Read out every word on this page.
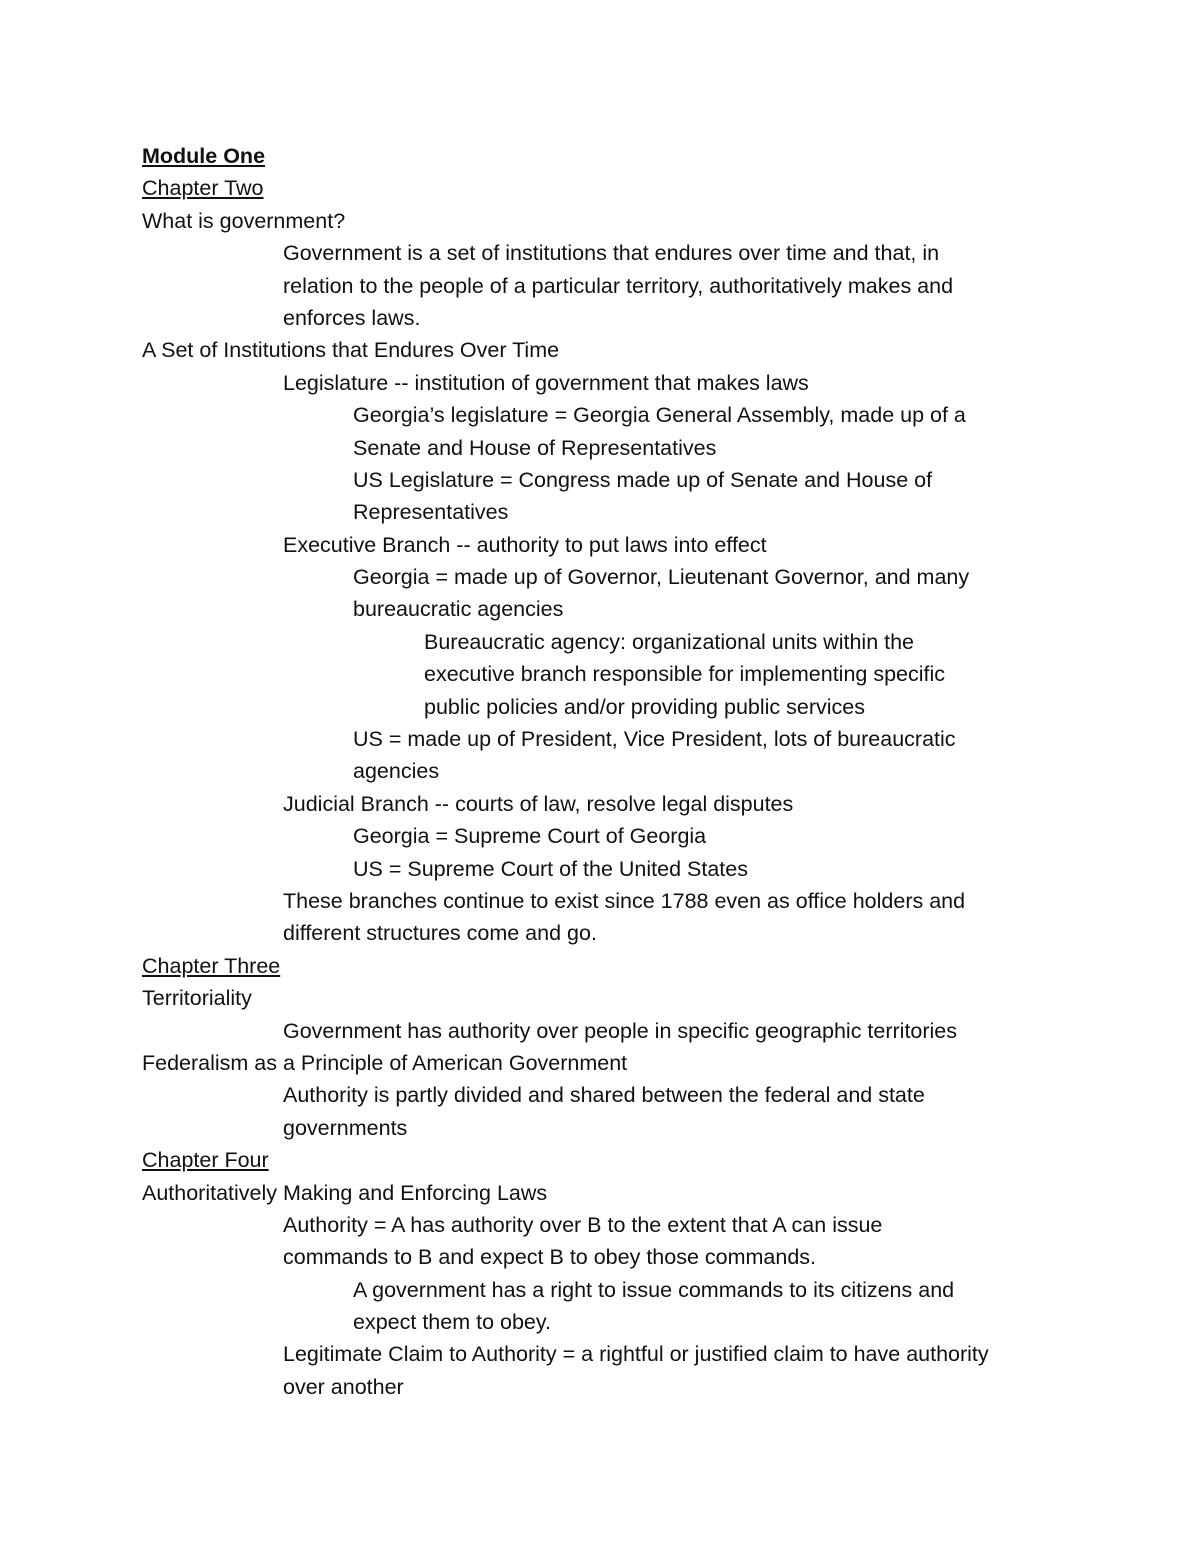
Module One
Chapter Two
What is government?
Government is a set of institutions that endures over time and that, in
relation to the people of a particular territory, authoritatively makes and
enforces laws.
A Set of Institutions that Endures Over Time
Legislature -- institution of government that makes laws
Georgia’s legislature = Georgia General Assembly, made up of a
Senate and House of Representatives
US Legislature = Congress made up of Senate and House of
Representatives
Executive Branch -- authority to put laws into effect
Georgia = made up of Governor, Lieutenant Governor, and many
bureaucratic agencies
Bureaucratic agency: organizational units within the
executive branch responsible for implementing specific
public policies and/or providing public services
US = made up of President, Vice President, lots of bureaucratic
agencies
Judicial Branch -- courts of law, resolve legal disputes
Georgia = Supreme Court of Georgia
US = Supreme Court of the United States
These branches continue to exist since 1788 even as office holders and
different structures come and go.
Chapter Three
Territoriality
Government has authority over people in specific geographic territories
Federalism as a Principle of American Government
Authority is partly divided and shared between the federal and state
governments
Chapter Four
Authoritatively Making and Enforcing Laws
Authority = A has authority over B to the extent that A can issue
commands to B and expect B to obey those commands.
A government has a right to issue commands to its citizens and
expect them to obey.
Legitimate Claim to Authority = a rightful or justified claim to have authority
over another
